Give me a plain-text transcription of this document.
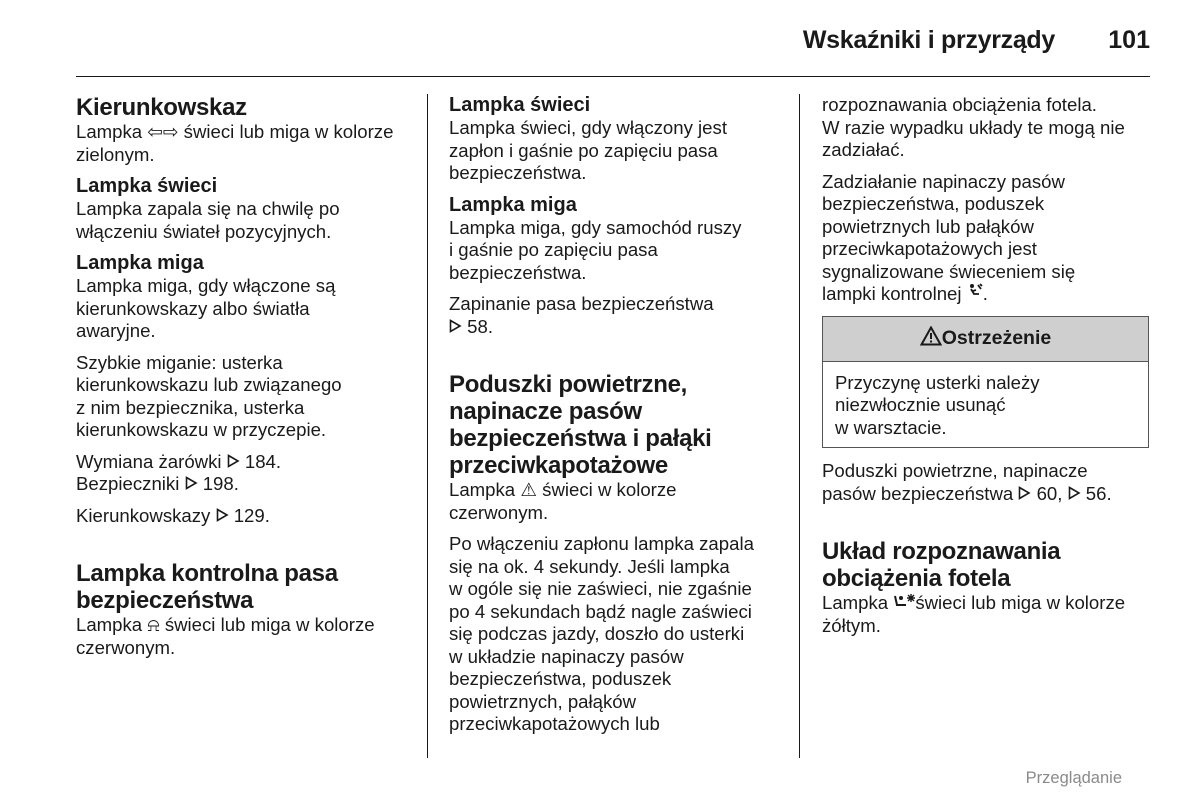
Wskaźniki i przyrządy 101
Kierunkowskaz

Lampka ⇦⇨ świeci lub miga w kolorze
zielonym.

Lampka świeci

Lampka zapala się na chwilę po
włączeniu świateł pozycyjnych.

Lampka miga

Lampka miga, gdy włączone są
kierunkowskazy albo światła
awaryjne.

Szybkie miganie: usterka
kierunkowskazu lub związanego
z nim bezpiecznika, usterka
kierunkowskazu w przyczepie.

Wymiana żarówki 184.
Bezpieczniki 198.

Kierunkowskazy 129.

Lampka kontrolna pasa
bezpieczeństwa

Lampka ⍾ świeci lub miga w kolorze
czerwonym.

Lampka świeci

Lampka świeci, gdy włączony jest
zapłon i gaśnie po zapięciu pasa
bezpieczeństwa.

Lampka miga

Lampka miga, gdy samochód ruszy
i gaśnie po zapięciu pasa
bezpieczeństwa.

Zapinanie pasa bezpieczeństwa
58.

Poduszki powietrzne,
napinacze pasów
bezpieczeństwa i pałąki
przeciwkapotażowe

Lampka ⚠ świeci w kolorze
czerwonym.

Po włączeniu zapłonu lampka zapala
się na ok. 4 sekundy. Jeśli lampka
w ogóle się nie zaświeci, nie zgaśnie
po 4 sekundach bądź nagle zaświeci
się podczas jazdy, doszło do usterki
w układzie napinaczy pasów
bezpieczeństwa, poduszek
powietrznych, pałąków
przeciwkapotażowych lub

rozpoznawania obciążenia fotela.
W razie wypadku układy te mogą nie
zadziałać.

Zadziałanie napinaczy pasów
bezpieczeństwa, poduszek
powietrznych lub pałąków
przeciwkapotażowych jest
sygnalizowane świeceniem się
lampki kontrolnej .

Ostrzeżenie
Przyczynę usterki należy
niezwłocznie usunąć
w warsztacie.

Poduszki powietrzne, napinacze
pasów bezpieczeństwa 60, 56.

Układ rozpoznawania
obciążenia fotela

Lampka świeci lub miga w kolorze
żółtym.

Przeglądanie
